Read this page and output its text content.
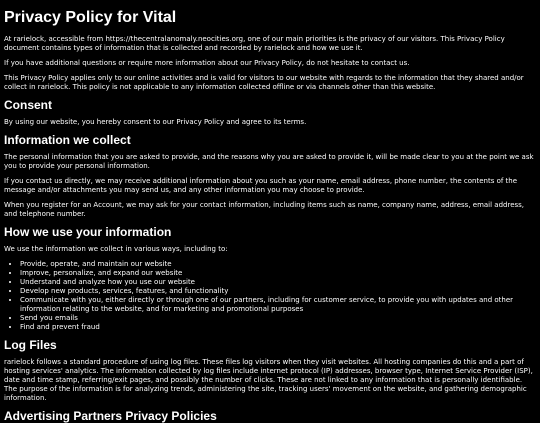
Privacy Policy for Vital

At rarielock, accessible from https://thecentralanomaly.neocities.org, one of our main priorities is the privacy of our visitors. This Privacy Policy document contains types of information that is collected and recorded by rarielock and how we use it.

If you have additional questions or require more information about our Privacy Policy, do not hesitate to contact us.

This Privacy Policy applies only to our online activities and is valid for visitors to our website with regards to the information that they shared and/or collect in rarielock. This policy is not applicable to any information collected offline or via channels other than this website.

Consent

By using our website, you hereby consent to our Privacy Policy and agree to its terms.

Information we collect

The personal information that you are asked to provide, and the reasons why you are asked to provide it, will be made clear to you at the point we ask you to provide your personal information.

If you contact us directly, we may receive additional information about you such as your name, email address, phone number, the contents of the message and/or attachments you may send us, and any other information you may choose to provide.

When you register for an Account, we may ask for your contact information, including items such as name, company name, address, email address, and telephone number.

How we use your information

We use the information we collect in various ways, including to:

• Provide, operate, and maintain our website
• Improve, personalize, and expand our website
• Understand and analyze how you use our website
• Develop new products, services, features, and functionality
• Communicate with you, either directly or through one of our partners, including for customer service, to provide you with updates and other information relating to the website, and for marketing and promotional purposes
• Send you emails
• Find and prevent fraud
Log Files

rarielock follows a standard procedure of using log files. These files log visitors when they visit websites. All hosting companies do this and a part of hosting services' analytics. The information collected by log files include internet protocol (IP) addresses, browser type, Internet Service Provider (ISP), date and time stamp, referring/exit pages, and possibly the number of clicks. These are not linked to any information that is personally identifiable. The purpose of the information is for analyzing trends, administering the site, tracking users' movement on the website, and gathering demographic information.

Advertising Partners Privacy Policies
